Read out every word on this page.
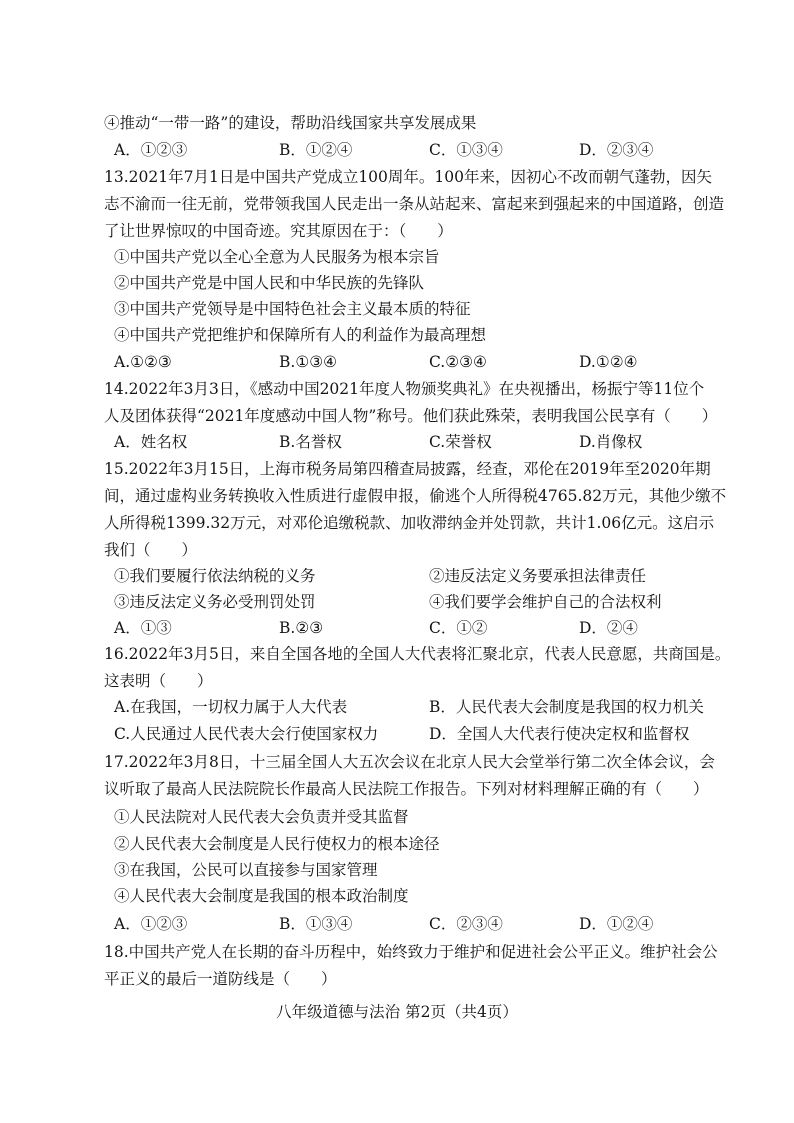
④推动“一带一路”的建设，帮助沿线国家共享发展成果
A．①②③	B．①②④	C．①③④	D．②③④
13.2021年7月1日是中国共产党成立100周年。100年来，因初心不改而朝气蓬勃，因矢
志不渝而一往无前，党带领我国人民走出一条从站起来、富起来到强起来的中国道路，创造
了让世界惊叹的中国奇迹。究其原因在于：（　　）
①中国共产党以全心全意为人民服务为根本宗旨
②中国共产党是中国人民和中华民族的先锋队
③中国共产党领导是中国特色社会主义最本质的特征
④中国共产党把维护和保障所有人的利益作为最高理想
A.①②③	B.①③④	C.②③④	D.①②④
14.2022年3月3日，《感动中国2021年度人物颁奖典礼》在央视播出，杨振宁等11位个
人及团体获得“2021年度感动中国人物”称号。他们获此殊荣，表明我国公民享有（　　）
A．姓名权	B.名誉权	C.荣誉权	D.肖像权
15.2022年3月15日，上海市税务局第四稽查局披露，经查，邓伦在2019年至2020年期
间，通过虚构业务转换收入性质进行虚假申报，偷逃个人所得税4765.82万元，其他少缴不
人所得税1399.32万元，对邓伦追缴税款、加收滞纳金并处罚款，共计1.06亿元。这启示
我们（　　）
①我们要履行依法纳税的义务	②违反法定义务要承担法律责任
③违反法定义务必受刑罚处罚	④我们要学会维护自己的合法权利
A．①③	B.②③	C．①②	D．②④
16.2022年3月5日，来自全国各地的全国人大代表将汇聚北京，代表人民意愿，共商国是。
这表明（　　）
A.在我国，一切权力属于人大代表	B．人民代表大会制度是我国的权力机关
C.人民通过人民代表大会行使国家权力	D．全国人大代表行使决定权和监督权
17.2022年3月8日，十三届全国人大五次会议在北京人民大会堂举行第二次全体会议，会
议听取了最高人民法院院长作最高人民法院工作报告。下列对材料理解正确的有（　　）
①人民法院对人民代表大会负责并受其监督
②人民代表大会制度是人民行使权力的根本途径
③在我国，公民可以直接参与国家管理
④人民代表大会制度是我国的根本政治制度
A．①②③	B．①③④	C．②③④	D．①②④
18.中国共产党人在长期的奋斗历程中，始终致力于维护和促进社会公平正义。维护社会公
平正义的最后一道防线是（　　）
八年级道德与法治 第2页（共4页）
